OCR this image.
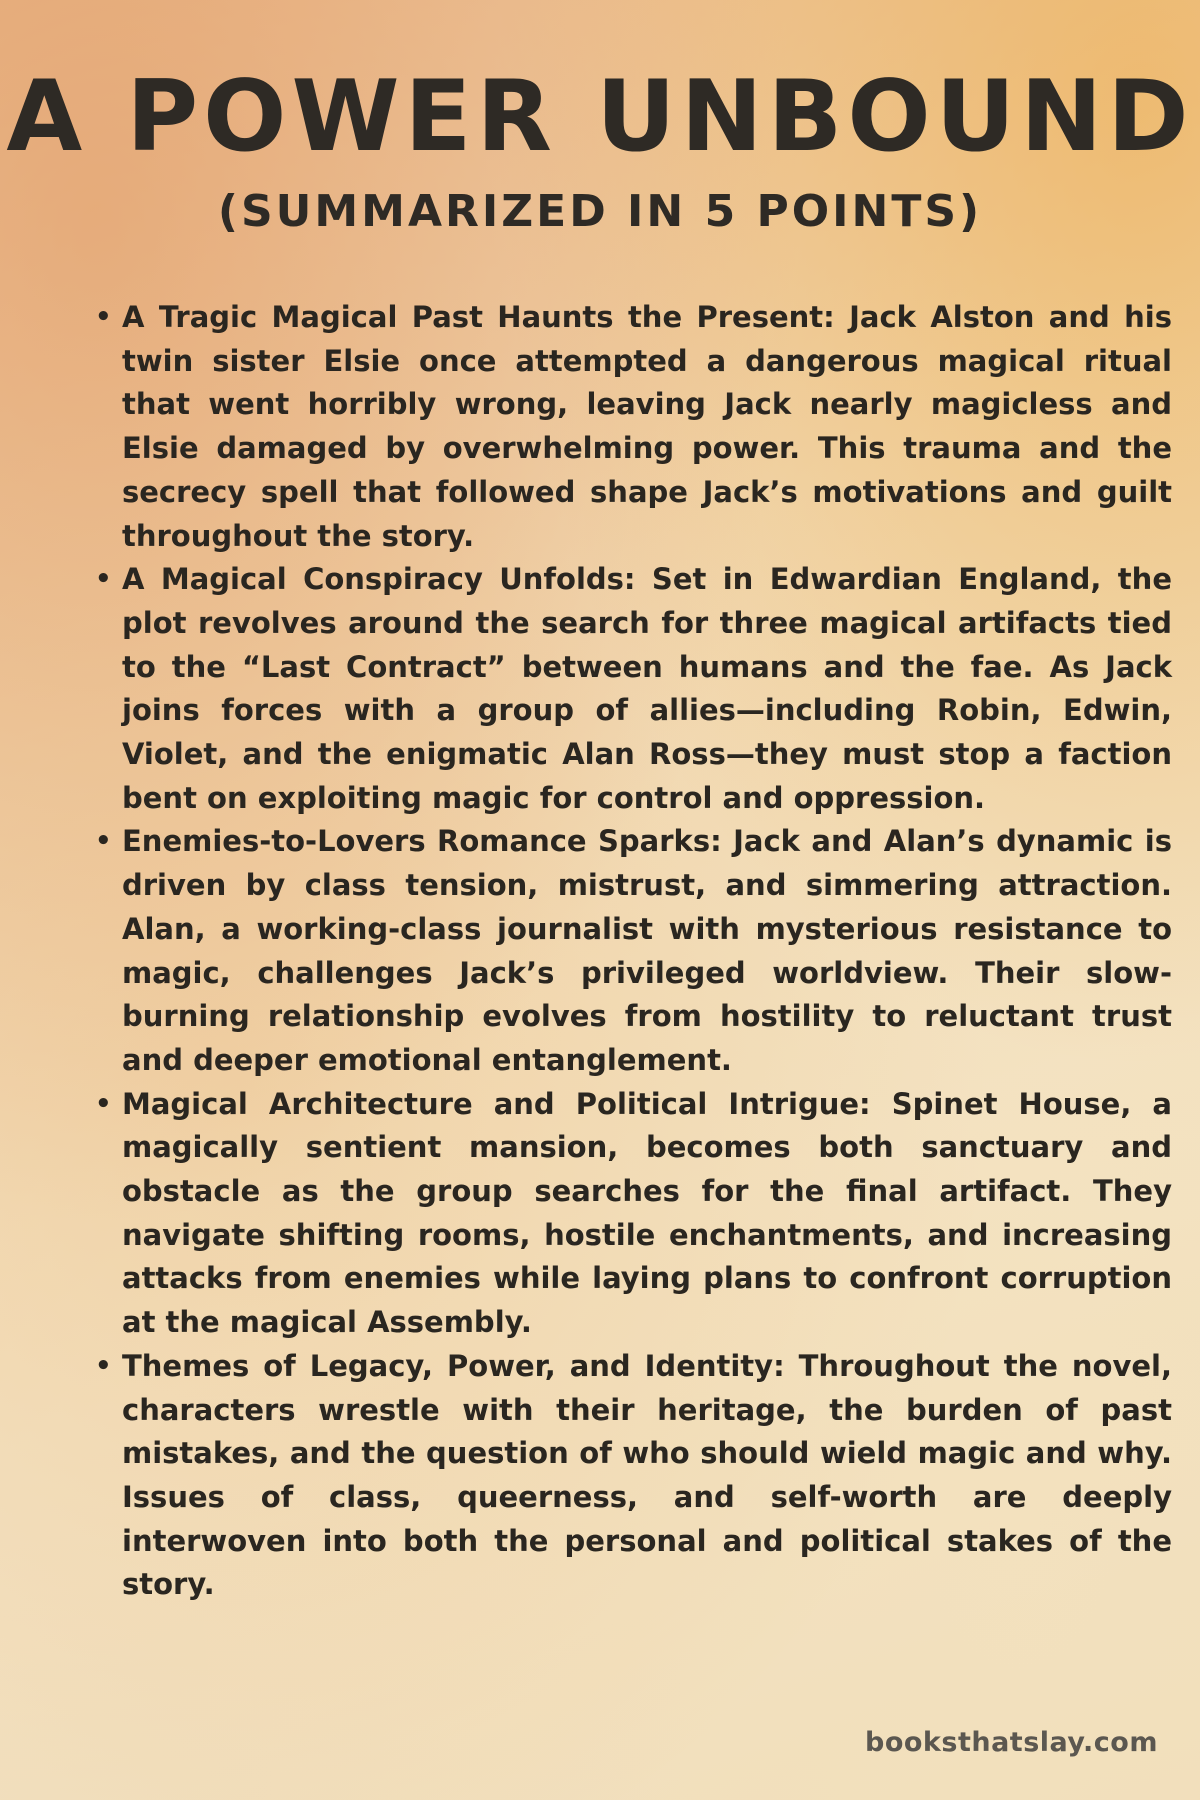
A POWER UNBOUND
(SUMMARIZED IN 5 POINTS)
• A Tragic Magical Past Haunts the Present: Jack Alston and his twin sister Elsie once attempted a dangerous magical ritual that went horribly wrong, leaving Jack nearly magicless and Elsie damaged by overwhelming power. This trauma and the secrecy spell that followed shape Jack’s motivations and guilt throughout the story.
• A Magical Conspiracy Unfolds: Set in Edwardian England, the plot revolves around the search for three magical artifacts tied to the “Last Contract” between humans and the fae. As Jack joins forces with a group of allies—including Robin, Edwin, Violet, and the enigmatic Alan Ross—they must stop a faction bent on exploiting magic for control and oppression.
• Enemies-to-Lovers Romance Sparks: Jack and Alan’s dynamic is driven by class tension, mistrust, and simmering attraction. Alan, a working-class journalist with mysterious resistance to magic, challenges Jack’s privileged worldview. Their slow-burning relationship evolves from hostility to reluctant trust and deeper emotional entanglement.
• Magical Architecture and Political Intrigue: Spinet House, a magically sentient mansion, becomes both sanctuary and obstacle as the group searches for the final artifact. They navigate shifting rooms, hostile enchantments, and increasing attacks from enemies while laying plans to confront corruption at the magical Assembly.
• Themes of Legacy, Power, and Identity: Throughout the novel, characters wrestle with their heritage, the burden of past mistakes, and the question of who should wield magic and why. Issues of class, queerness, and self-worth are deeply interwoven into both the personal and political stakes of the story.
booksthatslay.com
